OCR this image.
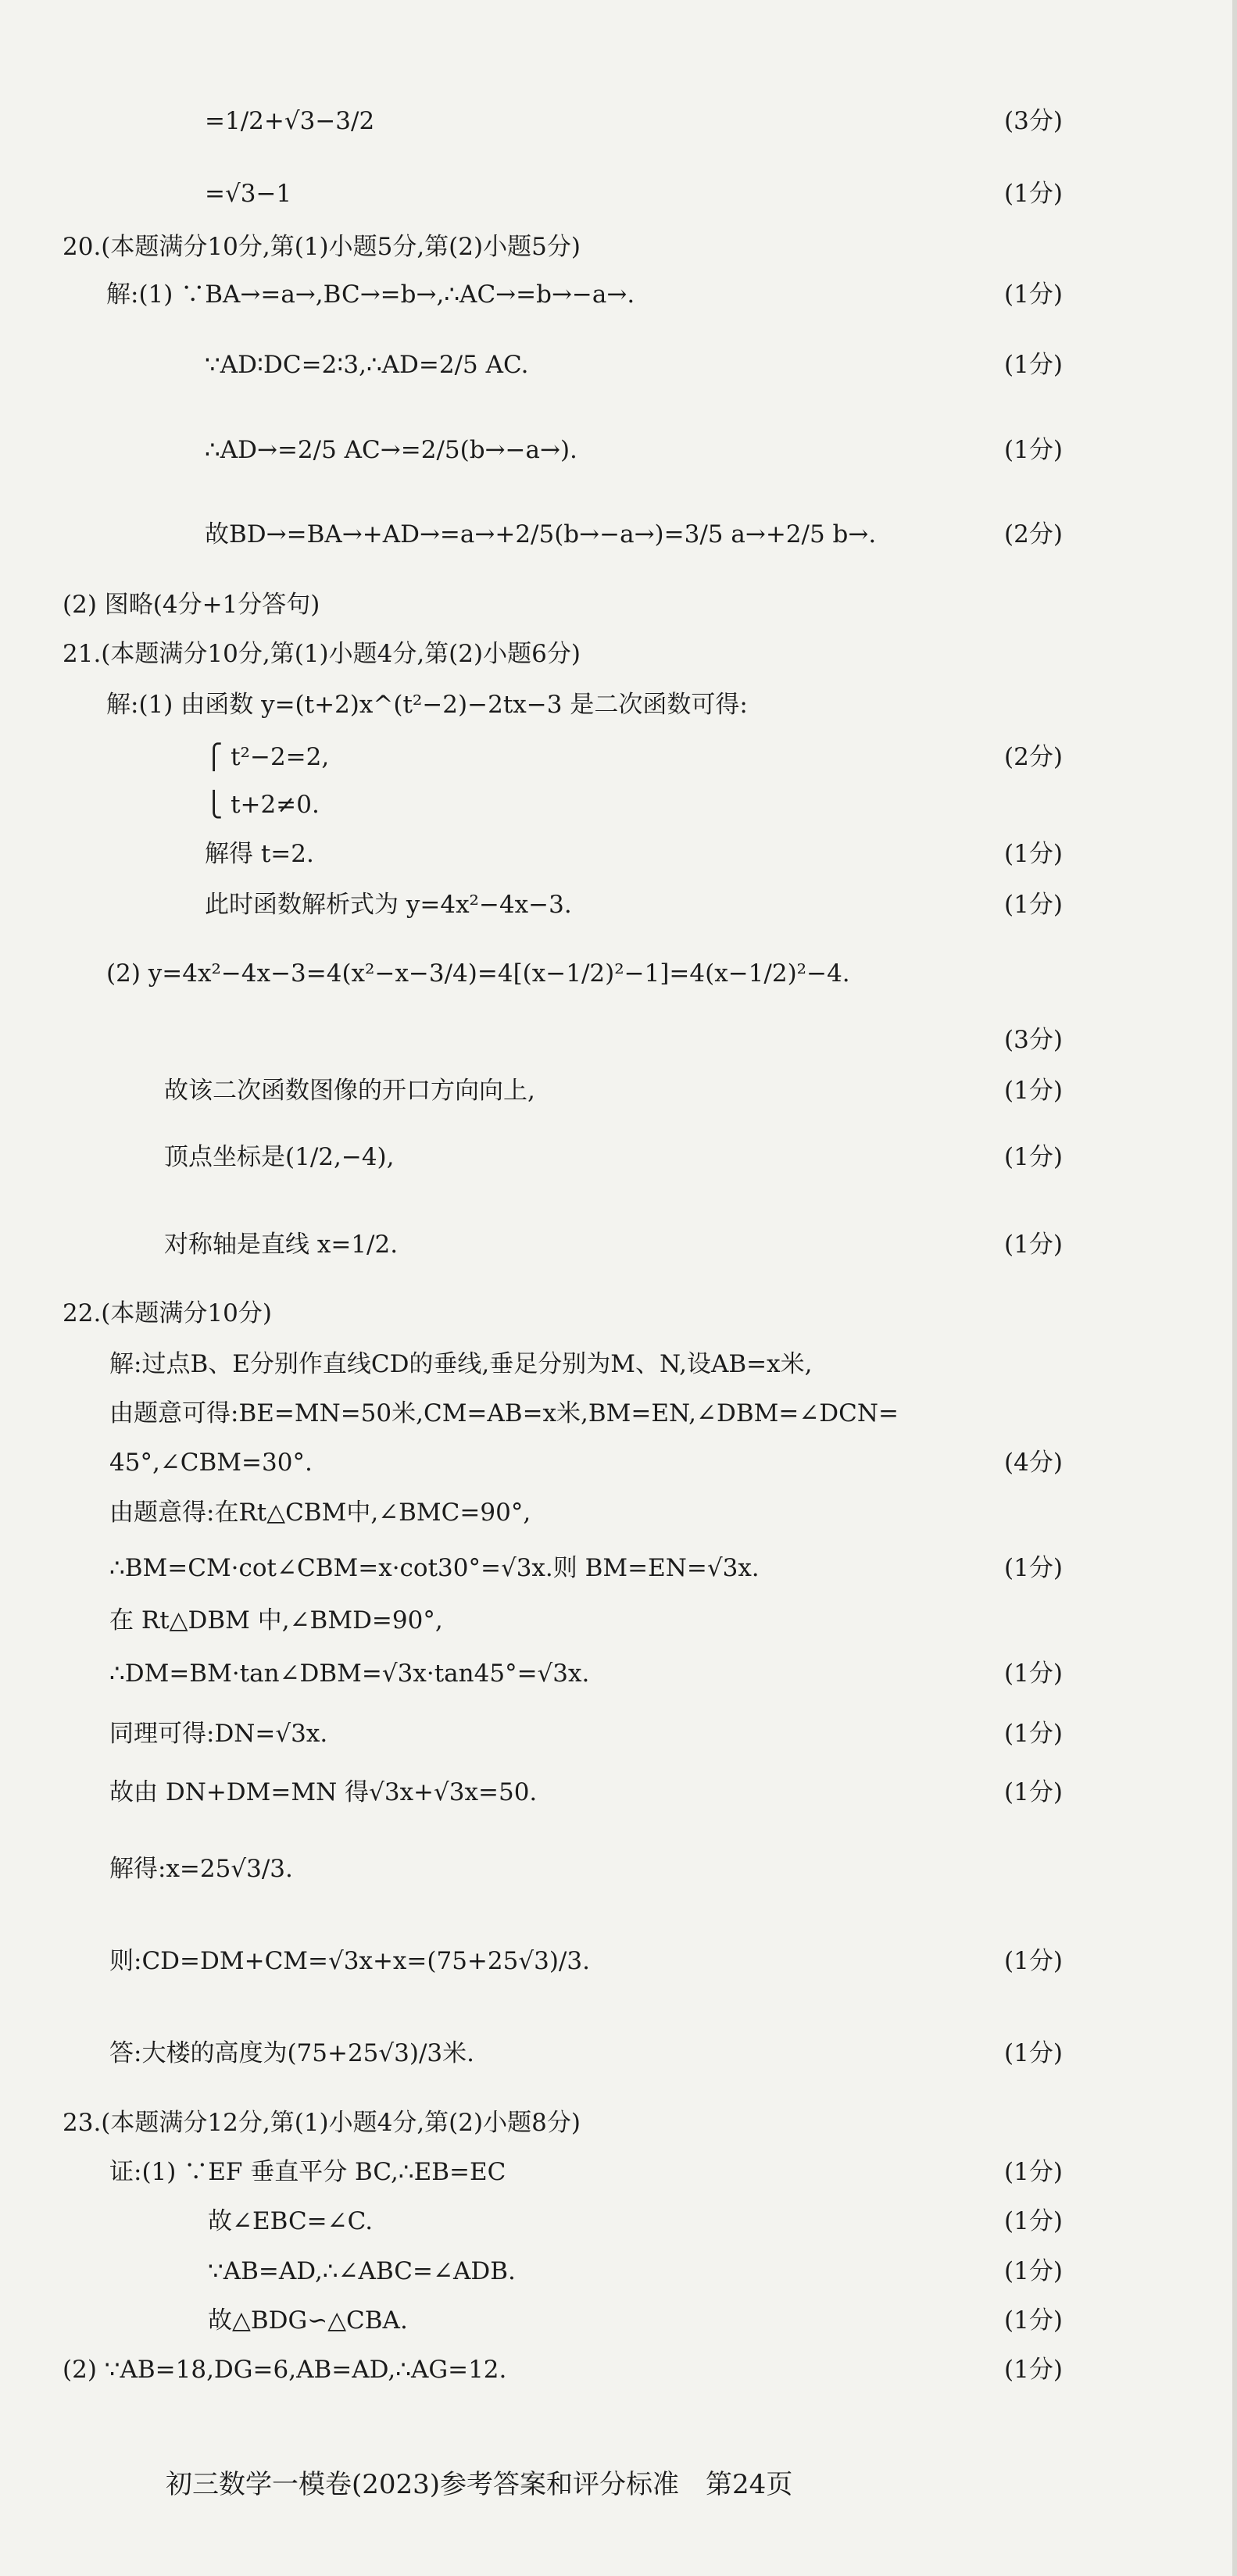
=1/2+√3−3/2	(3分)
=√3−1	(1分)
20.(本题满分10分,第(1)小题5分,第(2)小题5分)
解:(1) ∵BA→=a→,BC→=b→,∴AC→=b→−a→.	(1分)
∵AD∶DC=2∶3,∴AD=2/5 AC.	(1分)
∴AD→=2/5 AC→=2/5(b→−a→).	(1分)
故BD→=BA→+AD→=a→+2/5(b→−a→)=3/5 a→+2/5 b→.	(2分)
(2) 图略(4分+1分答句)
21.(本题满分10分,第(1)小题4分,第(2)小题6分)
解:(1) 由函数 y=(t+2)x^(t²−2)−2tx−3 是二次函数可得:
⎧ t²−2=2,	(2分)
⎩ t+2≠0.
解得 t=2.	(1分)
此时函数解析式为 y=4x²−4x−3.	(1分)
(2) y=4x²−4x−3=4(x²−x−3/4)=4[(x−1/2)²−1]=4(x−1/2)²−4.
(3分)
故该二次函数图像的开口方向向上,	(1分)
顶点坐标是(1/2,−4),	(1分)
对称轴是直线 x=1/2.	(1分)
22.(本题满分10分)
解:过点B、E分别作直线CD的垂线,垂足分别为M、N,设AB=x米,
由题意可得:BE=MN=50米,CM=AB=x米,BM=EN,∠DBM=∠DCN=
45°,∠CBM=30°.	(4分)
由题意得:在Rt△CBM中,∠BMC=90°,
∴BM=CM·cot∠CBM=x·cot30°=√3x.则 BM=EN=√3x.	(1分)
在 Rt△DBM 中,∠BMD=90°,
∴DM=BM·tan∠DBM=√3x·tan45°=√3x.	(1分)
同理可得:DN=√3x.	(1分)
故由 DN+DM=MN 得√3x+√3x=50.	(1分)
解得:x=25√3/3.
则:CD=DM+CM=√3x+x=(75+25√3)/3.	(1分)
答:大楼的高度为(75+25√3)/3米.	(1分)
23.(本题满分12分,第(1)小题4分,第(2)小题8分)
证:(1) ∵EF 垂直平分 BC,∴EB=EC	(1分)
故∠EBC=∠C.	(1分)
∵AB=AD,∴∠ABC=∠ADB.	(1分)
故△BDG∽△CBA.	(1分)
(2) ∵AB=18,DG=6,AB=AD,∴AG=12.	(1分)
初三数学一模卷(2023)参考答案和评分标准　第24页
